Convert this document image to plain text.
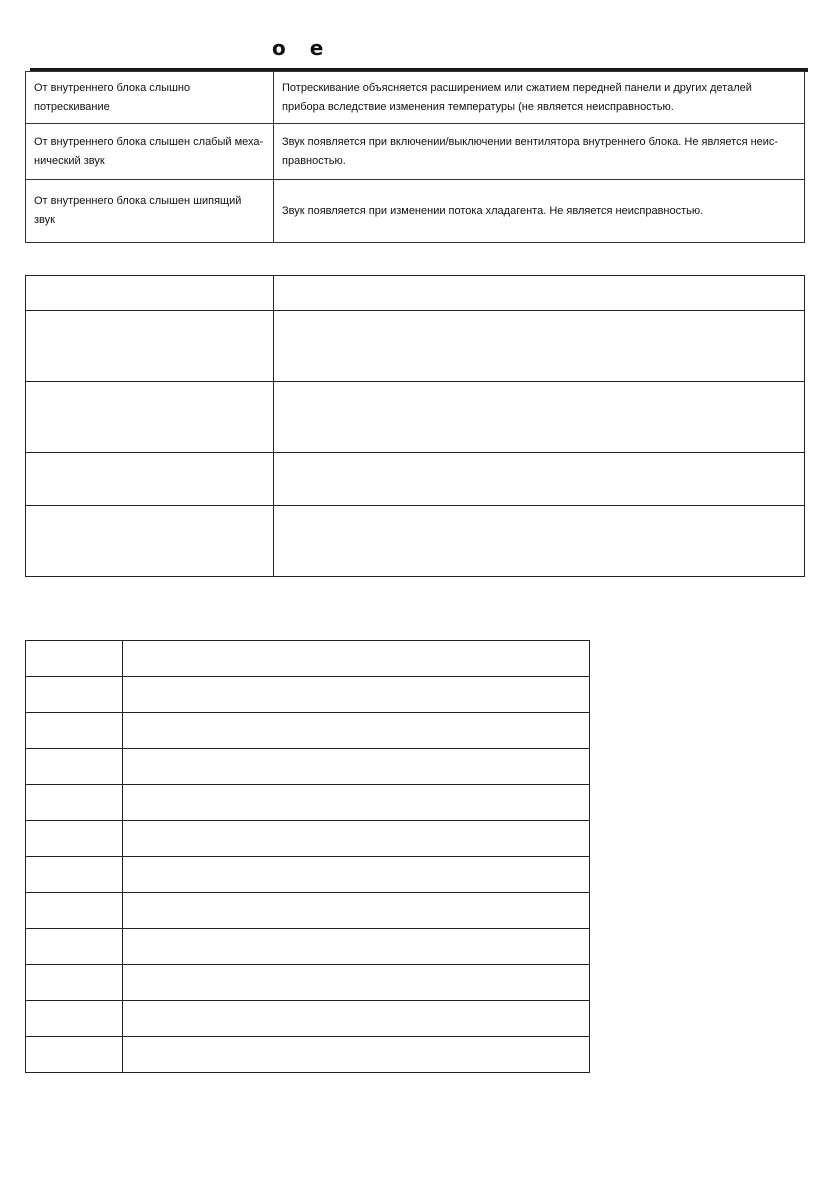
о е
От внутреннего блока слышно потрескивание	Потрескивание объясняется расширением или сжатием передней панели и других деталей прибора вследствие изменения температуры (не является неисправностью.
От внутреннего блока слышен слабый меха-нический звук	Звук появляется при включении/выключении вентилятора внутреннего блока. Не является неис-правностью.
От внутреннего блока слышен шипящий звук	Звук появляется при изменении потока хладагента. Не является неисправностью.
